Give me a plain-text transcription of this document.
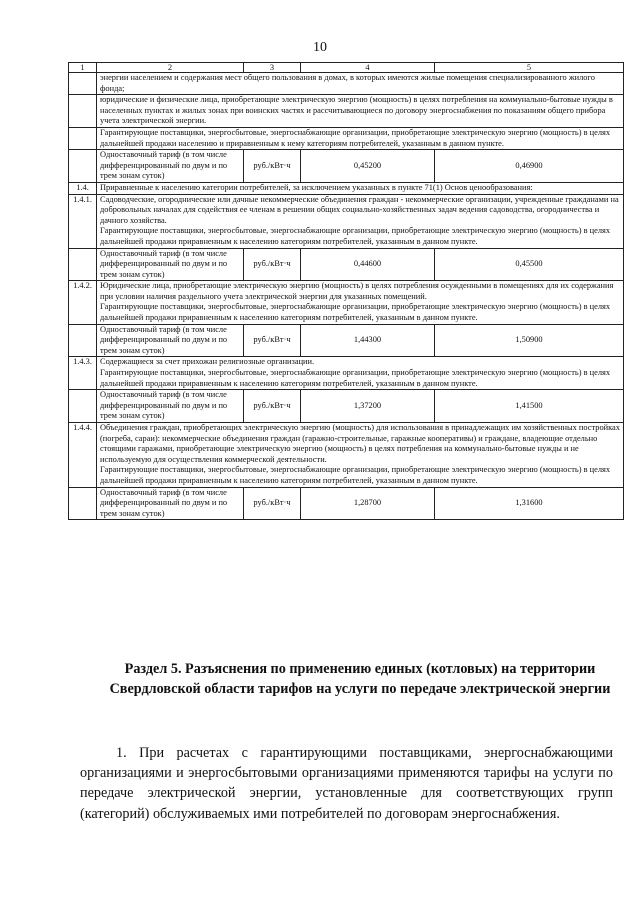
10
1	2	3	4	5

	энергии населением и содержания мест общего пользования в домах, в которых имеются жилые помещения специализированного жилого фонда;			

	юридические и физические лица, приобретающие электрическую энергию (мощность) в целях потребления на коммунально-бытовые нужды в населенных пунктах и жилых зонах при воинских частях и рассчитывающиеся по договору энергоснабжения по показаниям общего прибора учета электрической энергии.			

	Гарантирующие поставщики, энергосбытовые, энергоснабжающие организации, приобретающие электрическую энергию (мощность) в целях дальнейшей продажи населению и приравненным к нему категориям потребителей, указанным в данном пункте.			

	Одноставочный тариф (в том числе дифференцированный по двум и по трем зонам суток)	руб./кВт·ч	0,45200	0,46900
1.4.	Приравненные к населению категории потребителей, за исключением указанных в пункте 71(1) Основ ценообразования:			

1.4.1.	Садоводческие, огороднические или дачные некоммерческие объединения граждан - некоммерческие организации, учрежденные гражданами на добровольных началах для содействия ее членам в решении общих социально-хозяйственных задач ведения садоводства, огородничества и дачного хозяйства.
Гарантирующие поставщики, энергосбытовые, энергоснабжающие организации, приобретающие электрическую энергию (мощность) в целях дальнейшей продажи приравненным к населению категориям потребителей, указанным в данном пункте.			

	Одноставочный тариф (в том числе дифференцированный по двум и по трем зонам суток)	руб./кВт·ч	0,44600	0,45500
1.4.2.	Юридические лица, приобретающие электрическую энергию (мощность) в целях потребления осужденными в помещениях для их содержания при условии наличия раздельного учета электрической энергии для указанных помещений.
Гарантирующие поставщики, энергосбытовые, энергоснабжающие организации, приобретающие электрическую энергию (мощность) в целях дальнейшей продажи приравненным к населению категориям потребителей, указанным в данном пункте.			

	Одноставочный тариф (в том числе дифференцированный по двум и по трем зонам суток)	руб./кВт·ч	1,44300	1,50900
1.4.3.	Содержащиеся за счет прихожан религиозные организации.
Гарантирующие поставщики, энергосбытовые, энергоснабжающие организации, приобретающие электрическую энергию (мощность) в целях дальнейшей продажи приравненным к населению категориям потребителей, указанным в данном пункте.			

	Одноставочный тариф (в том числе дифференцированный по двум и по трем зонам суток)	руб./кВт·ч	1,37200	1,41500
1.4.4.	Объединения граждан, приобретающих электрическую энергию (мощность) для использования в принадлежащих им хозяйственных постройках (погреба, сараи): некоммерческие объединения граждан (гаражно-строительные, гаражные кооперативы) и граждане, владеющие отдельно стоящими гаражами, приобретающие электрическую энергию (мощность) в целях потребления на коммунально-бытовые нужды и не используемую для осуществления коммерческой деятельности.
Гарантирующие поставщики, энергосбытовые, энергоснабжающие организации, приобретающие электрическую энергию (мощность) в целях дальнейшей продажи приравненным к населению категориям потребителей, указанным в данном пункте.			

	Одноставочный тариф (в том числе дифференцированный по двум и по трем зонам суток)	руб./кВт·ч	1,28700	1,31600
Раздел 5. Разъяснения по применению единых (котловых) на территории Свердловской области тарифов на услуги по передаче электрической энергии
1. При расчетах с гарантирующими поставщиками, энергоснабжающими организациями и энергосбытовыми организациями применяются тарифы на услуги по передаче электрической энергии, установленные для соответствующих групп (категорий) обслуживаемых ими потребителей по договорам энергоснабжения.
